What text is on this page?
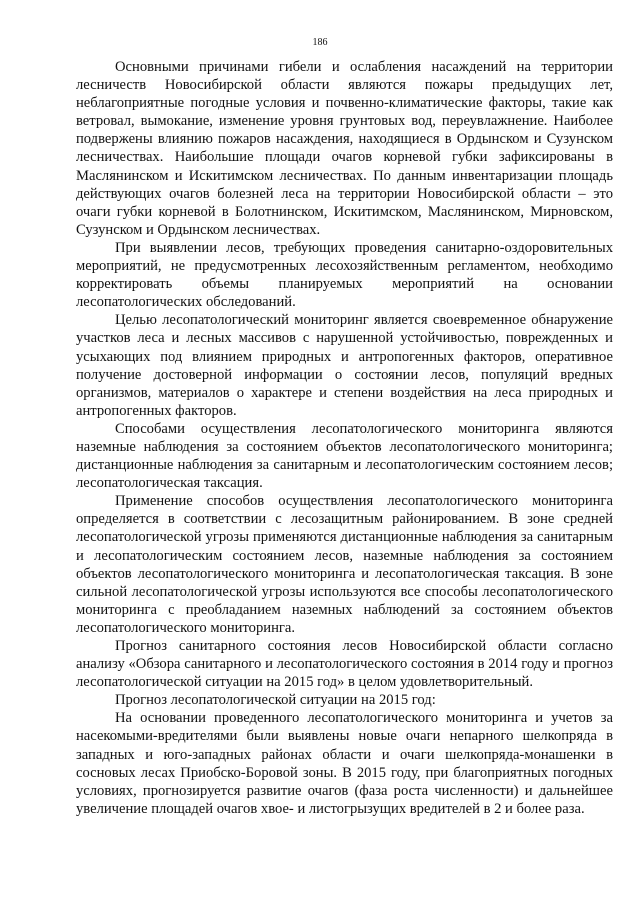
186

Основными причинами гибели и ослабления насаждений на территории лесничеств Новосибирской области являются пожары предыдущих лет, неблагоприятные погодные условия и почвенно-климатические факторы, такие как ветровал, вымокание, изменение уровня грунтовых вод, переувлажнение. Наиболее подвержены влиянию пожаров насаждения, находящиеся в Ордынском и Сузунском лесничествах. Наибольшие площади очагов корневой губки зафиксированы в Маслянинском и Искитимском лесничествах. По данным инвентаризации площадь действующих очагов болезней леса на территории Новосибирской области – это очаги губки корневой в Болотнинском, Искитимском, Маслянинском, Мирновском, Сузунском и Ордынском лесничествах.

При выявлении лесов, требующих проведения санитарно-оздоровительных мероприятий, не предусмотренных лесохозяйственным регламентом, необходимо корректировать объемы планируемых мероприятий на основании лесопатологических обследований.

Целью лесопатологический мониторинг является своевременное обнаружение участков леса и лесных массивов с нарушенной устойчивостью, поврежденных и усыхающих под влиянием природных и антропогенных факторов, оперативное получение достоверной информации о состоянии лесов, популяций вредных организмов, материалов о характере и степени воздействия на леса природных и антропогенных факторов.

Способами осуществления лесопатологического мониторинга являются наземные наблюдения за состоянием объектов лесопатологического мониторинга; дистанционные наблюдения за санитарным и лесопатологическим состоянием лесов; лесопатологическая таксация.

Применение способов осуществления лесопатологического мониторинга определяется в соответствии с лесозащитным районированием. В зоне средней лесопатологической угрозы применяются дистанционные наблюдения за санитарным и лесопатологическим состоянием лесов, наземные наблюдения за состоянием объектов лесопатологического мониторинга и лесопатологическая таксация. В зоне сильной лесопатологической угрозы используются все способы лесопатологического мониторинга с преобладанием наземных наблюдений за состоянием объектов лесопатологического мониторинга.

Прогноз санитарного состояния лесов Новосибирской области согласно анализу «Обзора санитарного и лесопатологического состояния в 2014 году и прогноз лесопатологической ситуации на 2015 год» в целом удовлетворительный.

Прогноз лесопатологической ситуации на 2015 год:

На основании проведенного лесопатологического мониторинга и учетов за насекомыми-вредителями были выявлены новые очаги непарного шелкопряда в западных и юго-западных районах области и очаги шелкопряда-монашенки в сосновых лесах Приобско-Боровой зоны. В 2015 году, при благоприятных погодных условиях, прогнозируется развитие очагов (фаза роста численности) и дальнейшее увеличение площадей очагов хвое- и листогрызущих вредителей в 2 и более раза.
